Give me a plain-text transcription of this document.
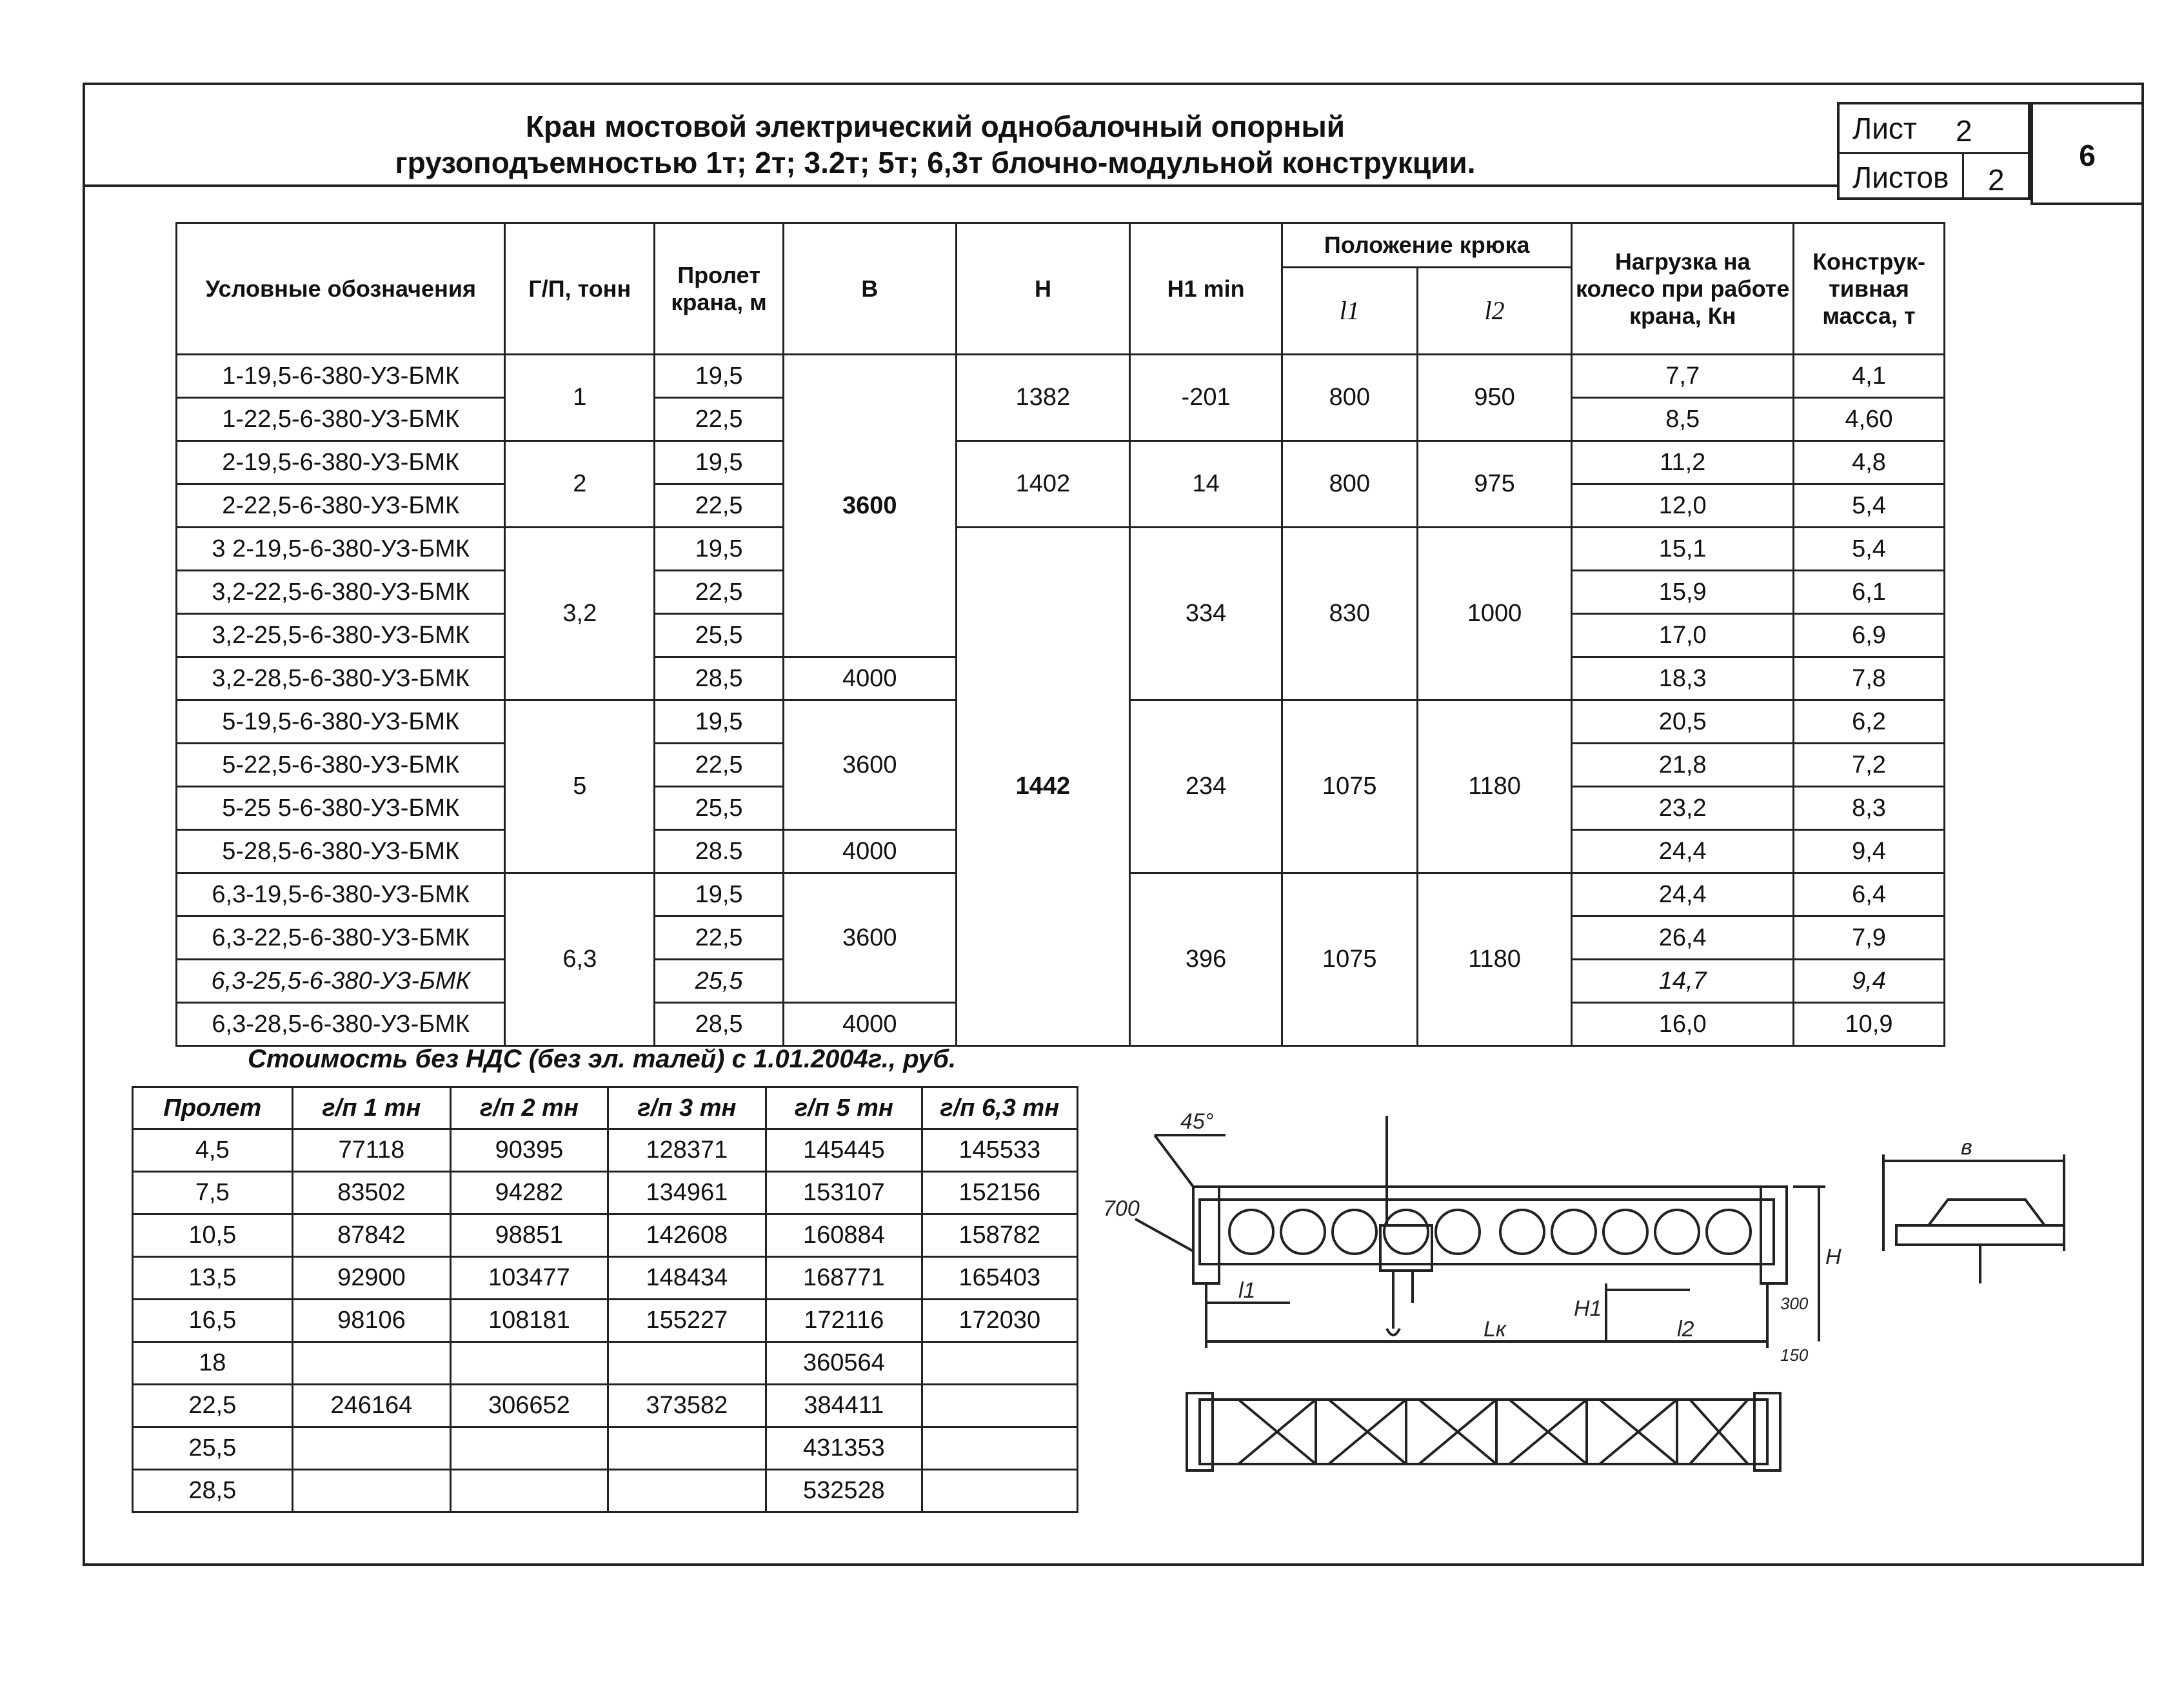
Кран мостовой электрический однобалочный опорный
грузоподъемностью 1т; 2т; 3.2т; 5т; 6,3т блочно-модульной конструкции.
Лист 2
Листов 2
6
Условные обозначения	Г/П, тонн	Пролет крана, м	В	Н	Н1 min	Положение крюка		Нагрузка на колесо при работе крана, Кн	Конструк-тивная масса, т
						l1	l2		
1-19,5-6-380-УЗ-БМК	1	19,5	3600	1382	-201	800	950	7,7	4,1
1-22,5-6-380-УЗ-БМК		22,5						8,5	4,60
2-19,5-6-380-УЗ-БМК	2	19,5		1402	14	800	975	11,2	4,8
2-22,5-6-380-УЗ-БМК		22,5						12,0	5,4
3 2-19,5-6-380-УЗ-БМК	3,2	19,5		1442	334	830	1000	15,1	5,4
3,2-22,5-6-380-УЗ-БМК		22,5						15,9	6,1
3,2-25,5-6-380-УЗ-БМК		25,5						17,0	6,9
3,2-28,5-6-380-УЗ-БМК		28,5	4000					18,3	7,8
5-19,5-6-380-УЗ-БМК	5	19,5	3600		234	1075	1180	20,5	6,2
5-22,5-6-380-УЗ-БМК		22,5						21,8	7,2
5-25 5-6-380-УЗ-БМК		25,5						23,2	8,3
5-28,5-6-380-УЗ-БМК		28.5	4000					24,4	9,4
6,3-19,5-6-380-УЗ-БМК	6,3	19,5	3600		396	1075	1180	24,4	6,4
6,3-22,5-6-380-УЗ-БМК		22,5						26,4	7,9
6,3-25,5-6-380-УЗ-БМК		25,5						14,7	9,4
6,3-28,5-6-380-УЗ-БМК		28,5	4000					16,0	10,9
Стоимость без НДС (без эл. талей) с 1.01.2004г., руб.
Пролет	г/п 1 тн	г/п 2 тн	г/п 3 тн	г/п 5 тн	г/п 6,3 тн
4,5	77118	90395	128371	145445	145533
7,5	83502	94282	134961	153107	152156
10,5	87842	98851	142608	160884	158782
13,5	92900	103477	148434	168771	165403
16,5	98106	108181	155227	172116	172030
18				360564	
22,5	246164	306652	373582	384411	
25,5				431353	
28,5				532528	
45°
700
Lк
l1
l2
H
H1	300
150
в
